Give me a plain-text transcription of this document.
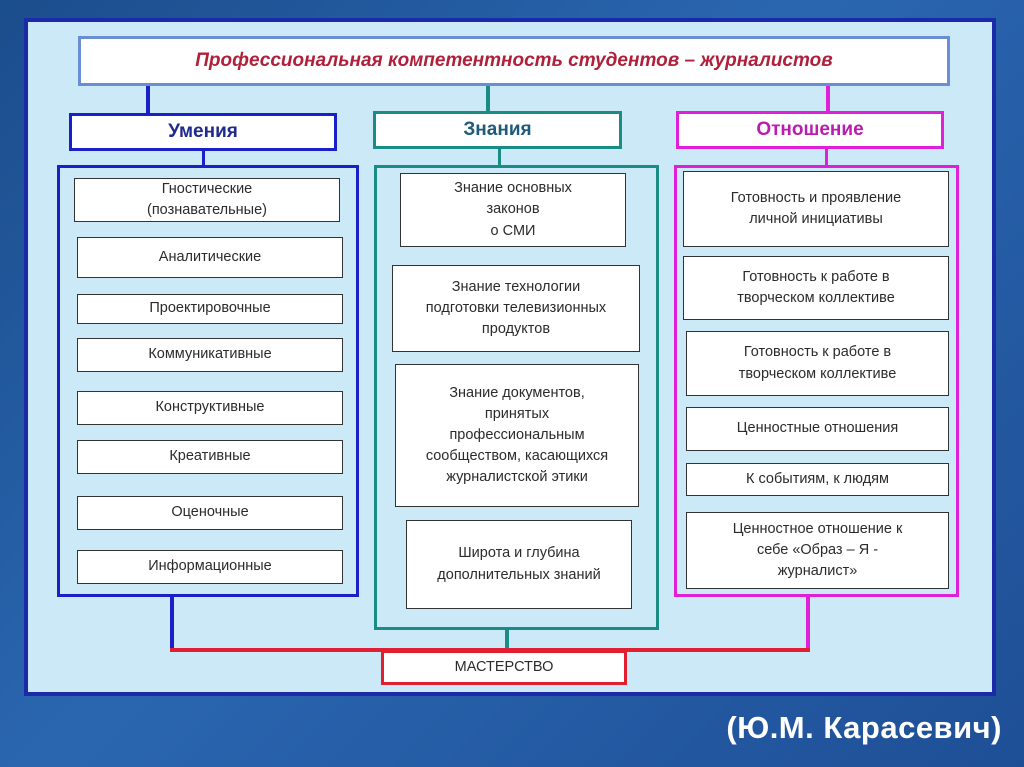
Профессиональная компетентность студентов – журналистов
Умения	Знания	Отношение
Гностические
(познавательные)
Аналитические
Проектировочные
Коммуникативные
Конструктивные
Креативные
Оценочные
Информационные
Знание основных
законов
о СМИ
Знание технологии
подготовки телевизионных
продуктов
Знание документов,
принятых
профессиональным
сообществом, касающихся
журналистской этики
Широта и глубина
дополнительных знаний
Готовность и проявление
личной инициативы
Готовность к работе в
творческом коллективе
Готовность к работе в
творческом коллективе
Ценностные отношения
К событиям, к людям
Ценностное отношение к
себе «Образ – Я -
журналист»
МАСТЕРСТВО
(Ю.М. Карасевич)
